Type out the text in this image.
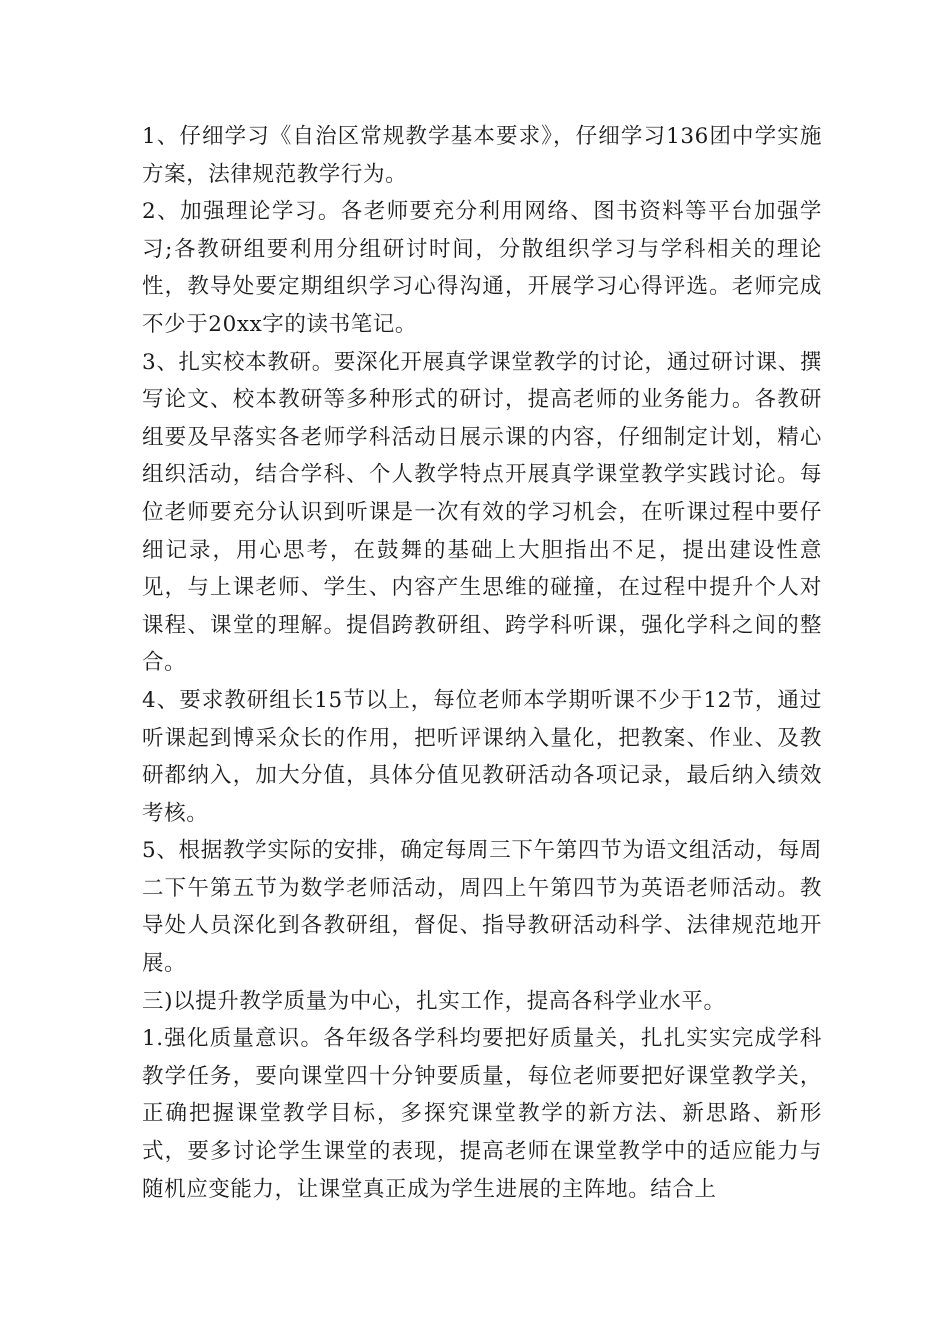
1、仔细学习《自治区常规教学基本要求》，仔细学习136团中学实施方案，法律规范教学行为。

2、加强理论学习。各老师要充分利用网络、图书资料等平台加强学习;各教研组要利用分组研讨时间，分散组织学习与学科相关的理论性，教导处要定期组织学习心得沟通，开展学习心得评选。老师完成不少于20xx字的读书笔记。

3、扎实校本教研。要深化开展真学课堂教学的讨论，通过研讨课、撰写论文、校本教研等多种形式的研讨，提高老师的业务能力。各教研组要及早落实各老师学科活动日展示课的内容，仔细制定计划，精心组织活动，结合学科、个人教学特点开展真学课堂教学实践讨论。每位老师要充分认识到听课是一次有效的学习机会，在听课过程中要仔细记录，用心思考，在鼓舞的基础上大胆指出不足，提出建设性意见，与上课老师、学生、内容产生思维的碰撞，在过程中提升个人对课程、课堂的理解。提倡跨教研组、跨学科听课，强化学科之间的整合。

4、要求教研组长15节以上，每位老师本学期听课不少于12节，通过听课起到博采众长的作用，把听评课纳入量化，把教案、作业、及教研都纳入，加大分值，具体分值见教研活动各项记录，最后纳入绩效考核。

5、根据教学实际的安排，确定每周三下午第四节为语文组活动，每周二下午第五节为数学老师活动，周四上午第四节为英语老师活动。教导处人员深化到各教研组，督促、指导教研活动科学、法律规范地开展。

三)以提升教学质量为中心，扎实工作，提高各科学业水平。

1.强化质量意识。各年级各学科均要把好质量关，扎扎实实完成学科教学任务，要向课堂四十分钟要质量，每位老师要把好课堂教学关，正确把握课堂教学目标，多探究课堂教学的新方法、新思路、新形式，要多讨论学生课堂的表现，提高老师在课堂教学中的适应能力与随机应变能力，让课堂真正成为学生进展的主阵地。结合上
